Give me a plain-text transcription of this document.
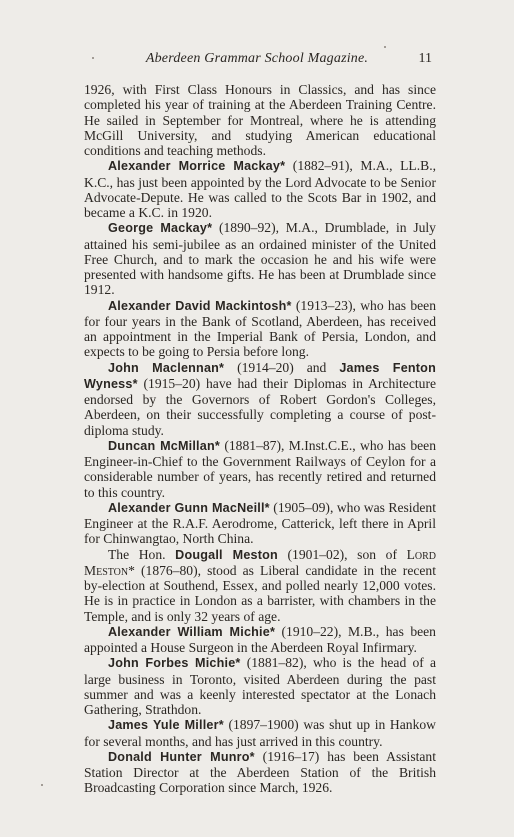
Aberdeen Grammar School Magazine.	11

1926, with First Class Honours in Classics, and has since completed his year of training at the Aberdeen Training Centre. He sailed in September for Montreal, where he is attending McGill University, and studying American educational conditions and teaching methods.

Alexander Morrice Mackay* (1882–91), M.A., LL.B., K.C., has just been appointed by the Lord Advocate to be Senior Advocate-Depute. He was called to the Scots Bar in 1902, and became a K.C. in 1920.

George Mackay* (1890–92), M.A., Drumblade, in July attained his semi-jubilee as an ordained minister of the United Free Church, and to mark the occasion he and his wife were presented with handsome gifts. He has been at Drumblade since 1912.

Alexander David Mackintosh* (1913–23), who has been for four years in the Bank of Scotland, Aberdeen, has received an appointment in the Imperial Bank of Persia, London, and expects to be going to Persia before long.

John Maclennan* (1914–20) and James Fenton Wyness* (1915–20) have had their Diplomas in Architecture endorsed by the Governors of Robert Gordon's Colleges, Aberdeen, on their successfully completing a course of post-diploma study.

Duncan McMillan* (1881–87), M.Inst.C.E., who has been Engineer-in-Chief to the Government Railways of Ceylon for a considerable number of years, has recently retired and returned to this country.

Alexander Gunn MacNeill* (1905–09), who was Resident Engineer at the R.A.F. Aerodrome, Catterick, left there in April for Chinwangtao, North China.

The Hon. Dougall Meston (1901–02), son of Lord Meston* (1876–80), stood as Liberal candidate in the recent by-election at Southend, Essex, and polled nearly 12,000 votes. He is in practice in London as a barrister, with chambers in the Temple, and is only 32 years of age.

Alexander William Michie* (1910–22), M.B., has been appointed a House Surgeon in the Aberdeen Royal Infirmary.

John Forbes Michie* (1881–82), who is the head of a large business in Toronto, visited Aberdeen during the past summer and was a keenly interested spectator at the Lonach Gathering, Strathdon.

James Yule Miller* (1897–1900) was shut up in Hankow for several months, and has just arrived in this country.

Donald Hunter Munro* (1916–17) has been Assistant Station Director at the Aberdeen Station of the British Broadcasting Corporation since March, 1926.
